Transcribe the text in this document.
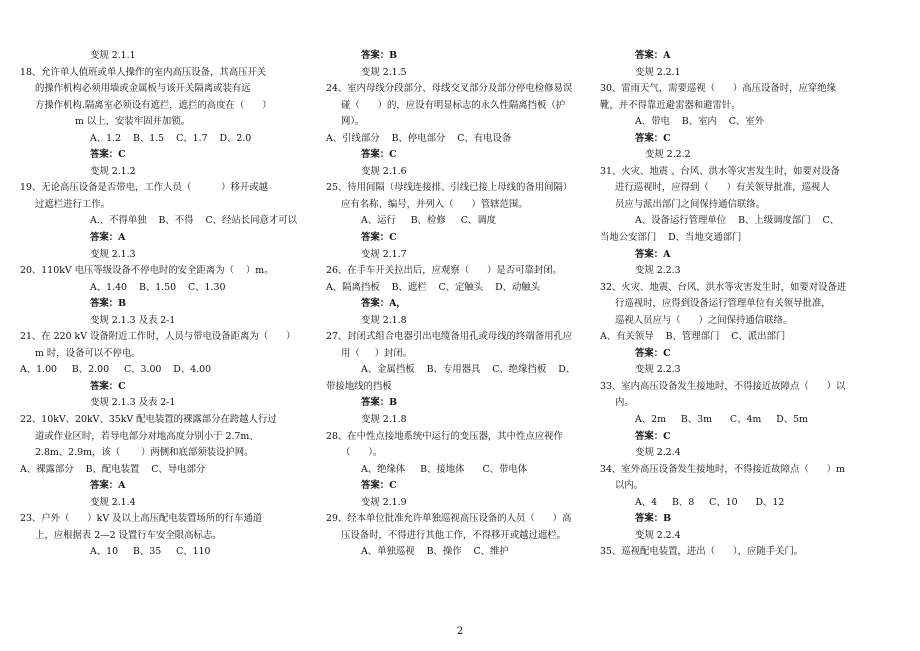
变规 2.1.1
18、允许单人值班或单人操作的室内高压设备，其高压开关
的操作机构必须用墙或金属板与该开关隔离或装有远
方操作机构.隔离室必须设有遮拦，遮拦的高度在（      ）
m 以上，安装牢固并加锁。
A、1.2    B、1.5    C、1.7    D、2.0
答案：C
变规 2.1.2
19、无论高压设备是否带电，工作人员（          ）移开或越
过遮栏进行工作。
A.、不得单独    B、不得    C、经站长同意才可以
答案：A
变规 2.1.3
20、110kV 电压等级设备不停电时的安全距离为（    ）m。
A、1.40    B、1.50    C、1.30
答案：B
变规 2.1.3 及表 2-1
21、在 220 kV 设备附近工作时，人员与带电设备距离为（      ）
m 时，设备可以不停电。
A、1.00     B、2.00     C、3.00    D、4.00
答案：C
变规 2.1.3 及表 2-1
22、10kV、20kV、35kV 配电装置的裸露部分在跨越人行过
道或作业区时，若导电部分对地高度分别小于 2.7m、
2.8m、2.9m，该（       ）两侧和底部须装设护网。
A、裸露部分    B、配电装置    C、导电部分
答案：A
变规 2.1.4
23、户外（      ）kV 及以上高压配电装置场所的行车通道
上，应根据表 2—2 设置行车安全限高标志。
A、10     B、35     C、110
答案：B
变规 2.1.5
24、室内母线分段部分、母线交叉部分及部分停电检修易误
碰（      ）的，应设有明显标志的永久性隔离挡板（护
网）。
A、引线部分    B、停电部分    C、有电设备
答案：C
变规 2.1.6
25、待用间隔（母线连接排、引线已接上母线的备用间隔）
应有名称、编号，并列入（      ）管辖范围。
A、运行     B、检修     C、调度
答案：C
变规 2.1.7
26、在手车开关拉出后，应观察（      ）是否可靠封闭。
A、隔离挡板    B、遮栏    C、定触头    D、动触头
答案：A，
变规 2.1.8
27、封闭式组合电器引出电缆备用孔或母线的终端备用孔应
用（     ）封闭。
A、金属挡板    B、专用器具    C、绝缘挡板    D、
带接地线的挡板
答案：B
变规 2.1.8
28、在中性点接地系统中运行的变压器，其中性点应视作
（      ）。
A、绝缘体     B、接地体      C、带电体
答案：C
变规 2.1.9
29、经本单位批准允许单独巡视高压设备的人员（      ）高
压设备时，不得进行其他工作，不得移开或越过遮栏。
A、单独巡视    B、操作    C、维护
答案：A
变规 2.2.1
30、雷雨天气，需要巡视（      ）高压设备时，应穿绝缘
靴，并不得靠近避雷器和避雷针。
A、带电    B、室内    C、室外
答案：C
变规 2.2.2
31、火灾、地震 、台风、洪水等灾害发生时，如要对设备
进行巡视时，应得到（      ）有关领导批准，巡视人
员应与派出部门之间保持通信联络。
A、设备运行管理单位    B、上级调度部门    C、
当地公安部门    D、当地交通部门
答案：A
变规 2.2.3
32、火灾、地震、台风、洪水等灾害发生时，如要对设备进
行巡视时，应得到设备运行管理单位有关领导批准，
巡视人员应与（      ）之间保持通信联络。
A、有关领导    B、管理部门    C、派出部门
答案：C
变规 2.2.3
33、室内高压设备发生接地时，不得接近故障点（      ）以
内。
A、2m     B、3m      C、4m     D、5m
答案：C
变规 2.2.4
34、室外高压设备发生接地时，不得接近故障点（      ）m
以内。
A、4     B、8     C、10      D、12
答案：B
变规 2.2.4
35、巡视配电装置，进出（      ），应随手关门。
2
